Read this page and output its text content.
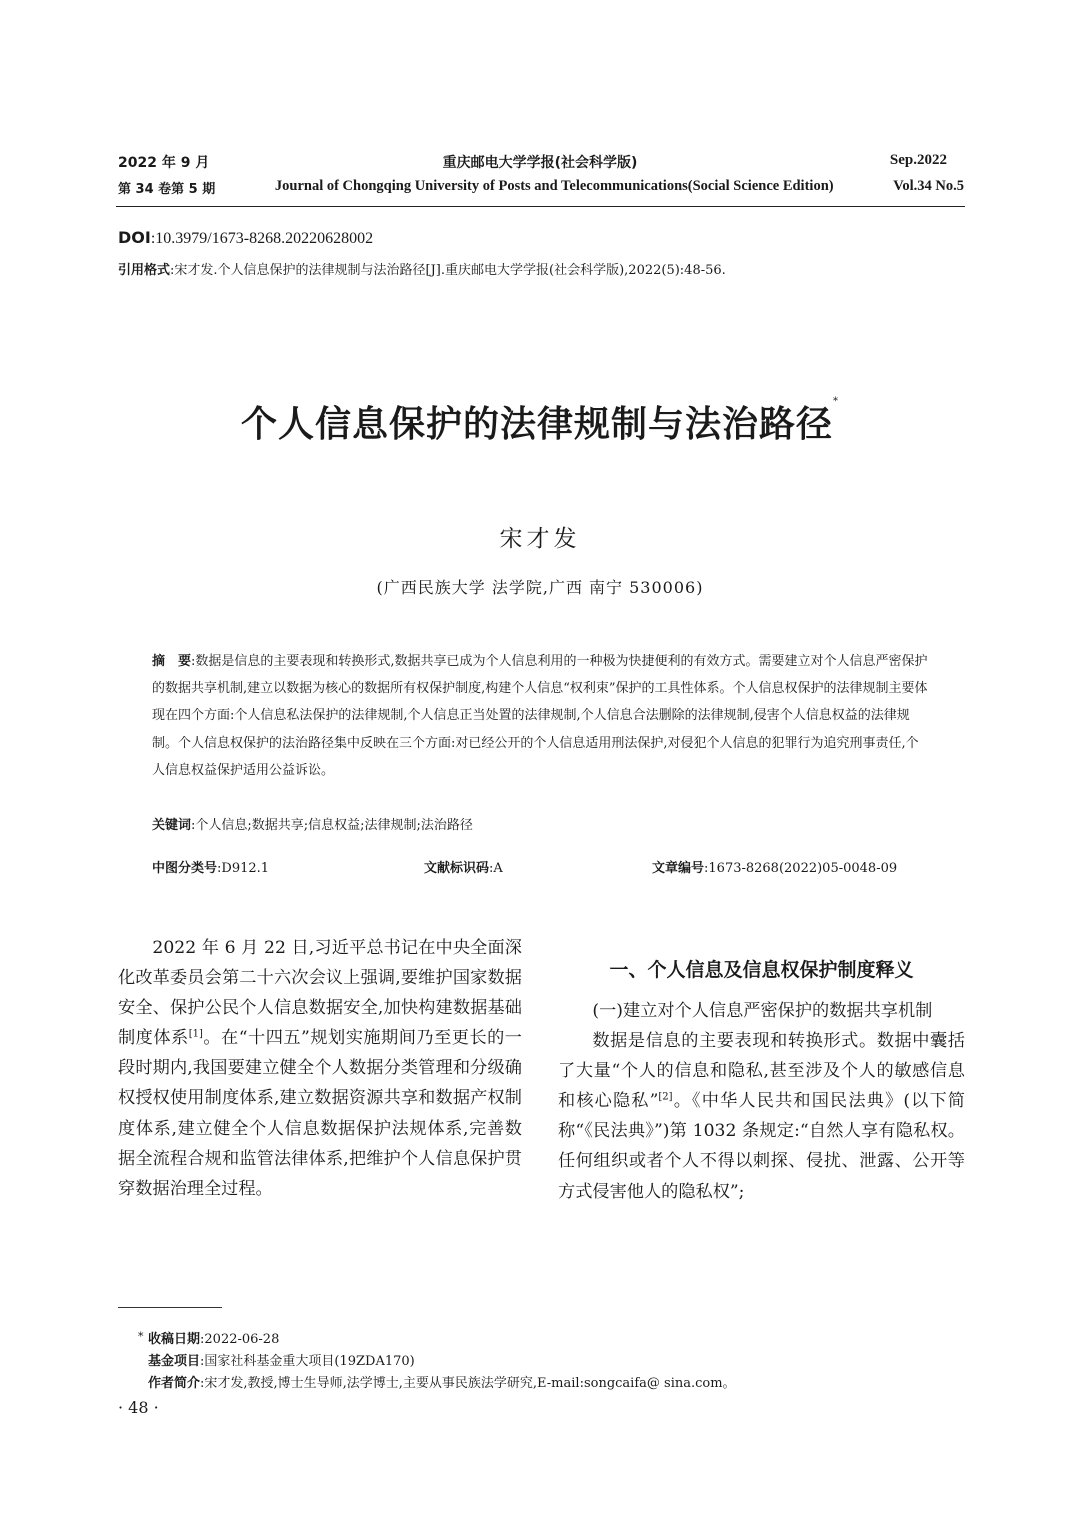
2022 年 9 月	重庆邮电大学学报(社会科学版)	Sep.2022
第 34 卷第 5 期	Journal of Chongqing University of Posts and Telecommunications(Social Science Edition)	Vol.34 No.5
DOI:10.3979/1673-8268.20220628002
引用格式:宋才发.个人信息保护的法律规制与法治路径[J].重庆邮电大学学报(社会科学版),2022(5):48-56.
个人信息保护的法律规制与法治路径*
宋才发
(广西民族大学 法学院,广西 南宁 530006)
摘　要:数据是信息的主要表现和转换形式,数据共享已成为个人信息利用的一种极为快捷便利的有效方式。需要建立对个人信息严密保护的数据共享机制,建立以数据为核心的数据所有权保护制度,构建个人信息“权利束”保护的工具性体系。个人信息权保护的法律规制主要体现在四个方面:个人信息私法保护的法律规制,个人信息正当处置的法律规制,个人信息合法删除的法律规制,侵害个人信息权益的法律规制。个人信息权保护的法治路径集中反映在三个方面:对已经公开的个人信息适用刑法保护,对侵犯个人信息的犯罪行为追究刑事责任,个人信息权益保护适用公益诉讼。
关键词:个人信息;数据共享;信息权益;法律规制;法治路径
中图分类号:D912.1	文献标识码:A	文章编号:1673-8268(2022)05-0048-09

2022 年 6 月 22 日,习近平总书记在中央全面深化改革委员会第二十六次会议上强调,要维护国家数据安全、保护公民个人信息数据安全,加快构建数据基础制度体系[1]。在“十四五”规划实施期间乃至更长的一段时期内,我国要建立健全个人数据分类管理和分级确权授权使用制度体系,建立数据资源共享和数据产权制度体系,建立健全个人信息数据保护法规体系,完善数据全流程合规和监管法律体系,把维护个人信息保护贯穿数据治理全过程。

一、个人信息及信息权保护制度释义

(一)建立对个人信息严密保护的数据共享机制

数据是信息的主要表现和转换形式。数据中囊括了大量“个人的信息和隐私,甚至涉及个人的敏感信息和核心隐私”[2]。《中华人民共和国民法典》(以下简称“《民法典》”)第 1032 条规定:“自然人享有隐私权。任何组织或者个人不得以刺探、侵扰、泄露、公开等方式侵害他人的隐私权”;

* 收稿日期:2022-06-28
基金项目:国家社科基金重大项目(19ZDA170)
作者简介:宋才发,教授,博士生导师,法学博士,主要从事民族法学研究,E-mail:songcaifa@ sina.com。
· 48 ·
